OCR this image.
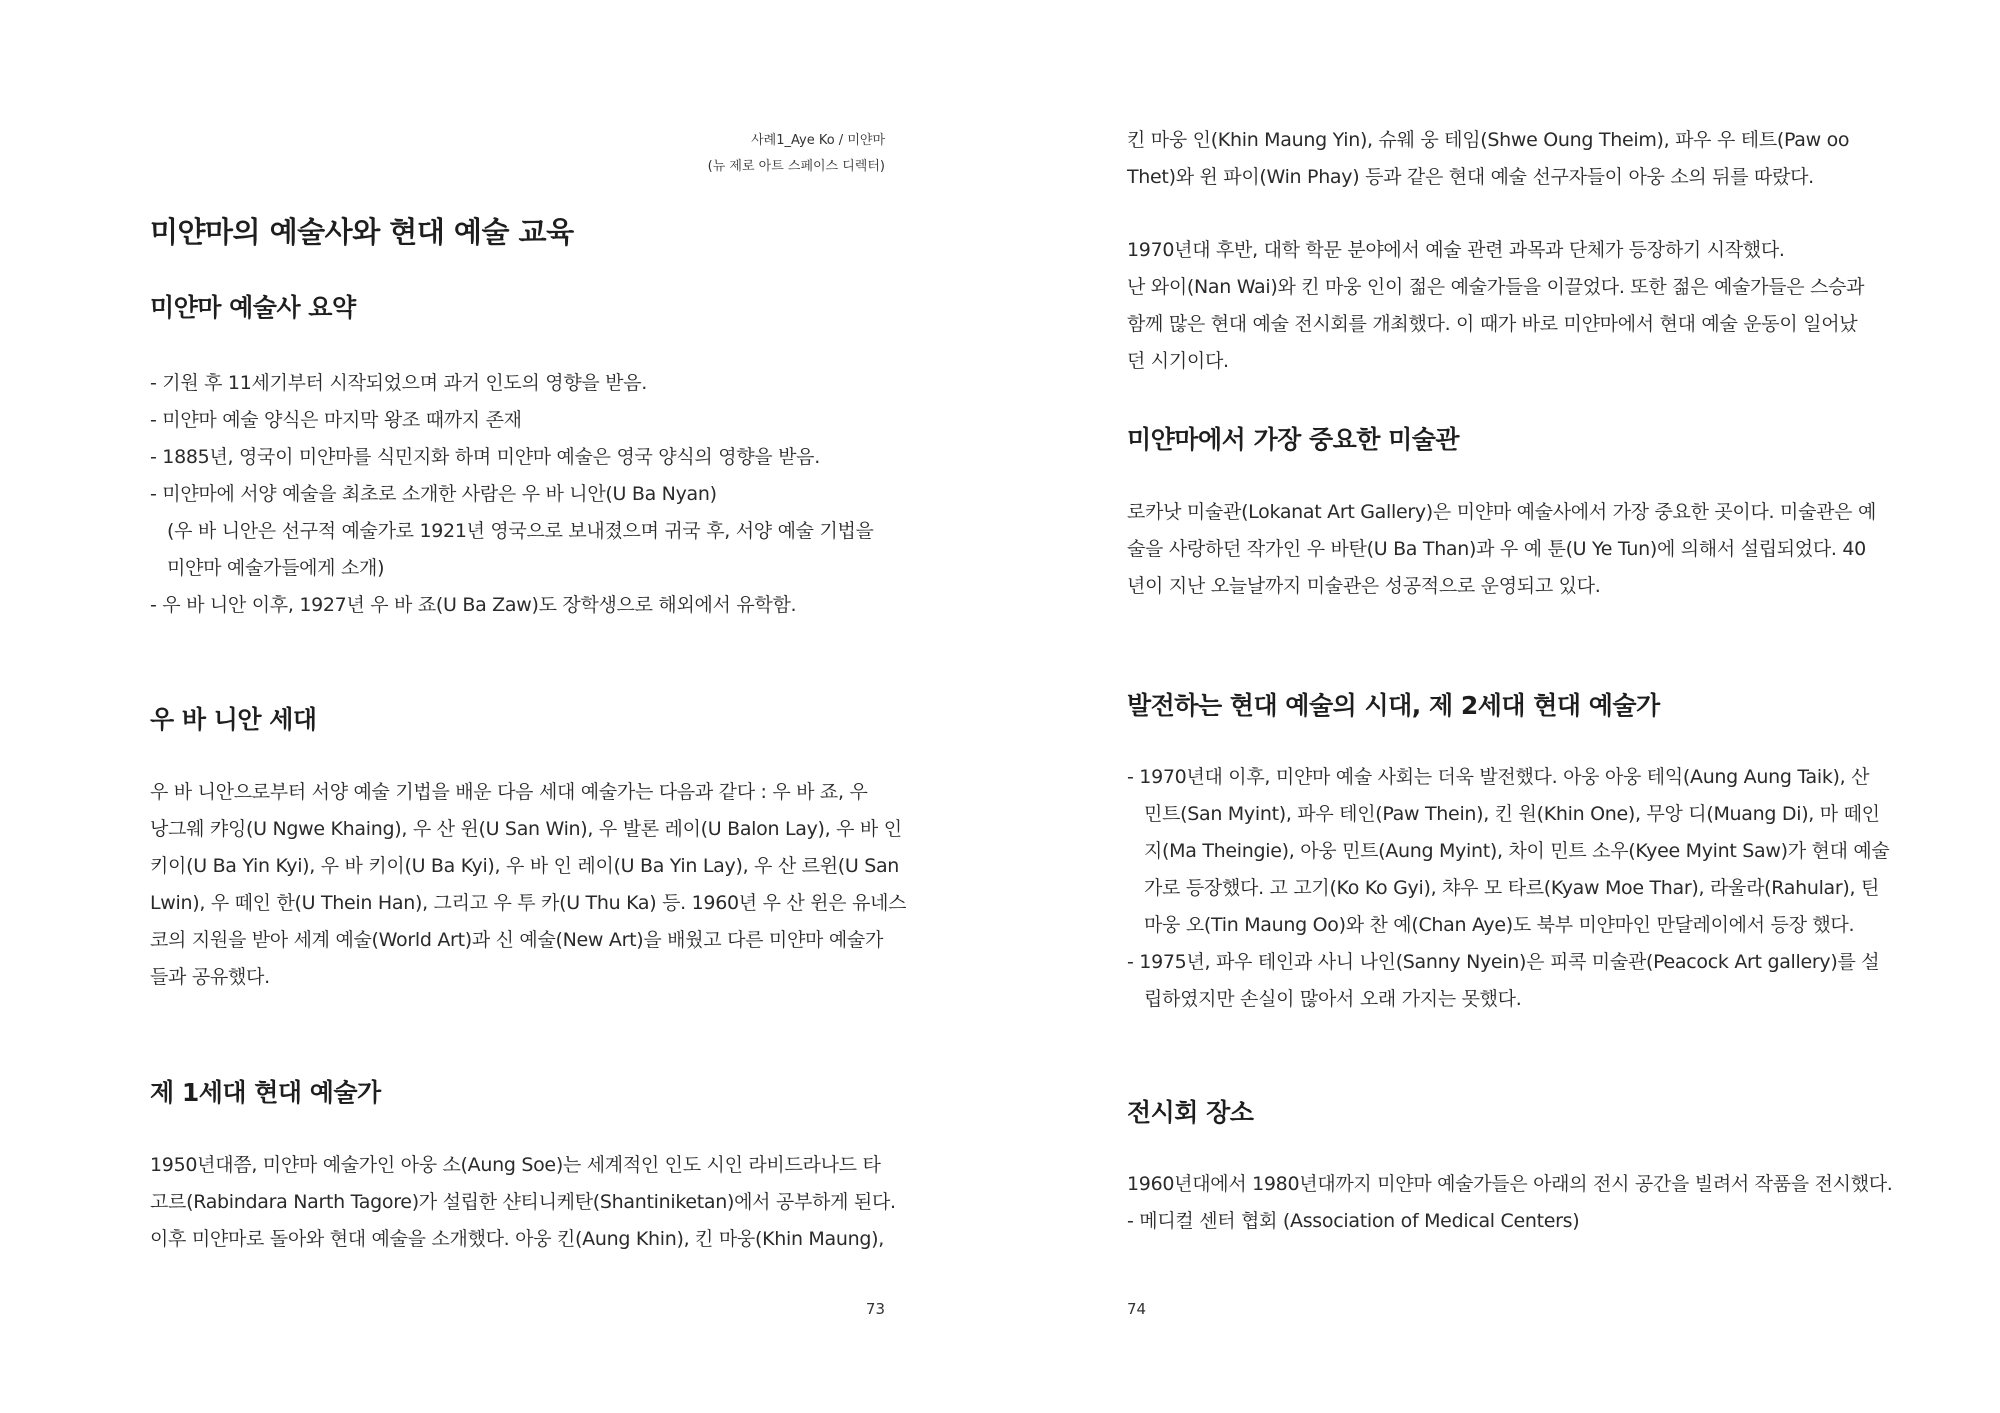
사례1_Aye Ko / 미얀마
(뉴 제로 아트 스페이스 디렉터)
미얀마의 예술사와 현대 예술 교육
미얀마 예술사 요약
- 기원 후 11세기부터 시작되었으며 과거 인도의 영향을 받음.
- 미얀마 예술 양식은 마지막 왕조 때까지 존재
- 1885년, 영국이 미얀마를 식민지화 하며 미얀마 예술은 영국 양식의 영향을 받음.
- 미얀마에 서양 예술을 최초로 소개한 사람은 우 바 니안(U Ba Nyan)
(우 바 니안은 선구적 예술가로 1921년 영국으로 보내졌으며 귀국 후, 서양 예술 기법을
미얀마 예술가들에게 소개)
- 우 바 니안 이후, 1927년 우 바 죠(U Ba Zaw)도 장학생으로 해외에서 유학함.
우 바 니안 세대
우 바 니안으로부터 서양 예술 기법을 배운 다음 세대 예술가는 다음과 같다 : 우 바 죠, 우
낭그웨 캬잉(U Ngwe Khaing), 우 산 윈(U San Win), 우 발론 레이(U Balon Lay), 우 바 인
키이(U Ba Yin Kyi), 우 바 키이(U Ba Kyi), 우 바 인 레이(U Ba Yin Lay), 우 산 르윈(U San
Lwin), 우 떼인 한(U Thein Han), 그리고 우 투 카(U Thu Ka) 등. 1960년 우 산 윈은 유네스
코의 지원을 받아 세계 예술(World Art)과 신 예술(New Art)을 배웠고 다른 미얀마 예술가
들과 공유했다.
제 1세대 현대 예술가
1950년대쯤, 미얀마 예술가인 아웅 소(Aung Soe)는 세계적인 인도 시인 라비드라나드 타
고르(Rabindara Narth Tagore)가 설립한 샨티니케탄(Shantiniketan)에서 공부하게 된다.
이후 미얀마로 돌아와 현대 예술을 소개했다. 아웅 킨(Aung Khin), 킨 마웅(Khin Maung),
73
킨 마웅 인(Khin Maung Yin), 슈웨 웅 테임(Shwe Oung Theim), 파우 우 테트(Paw oo
Thet)와 윈 파이(Win Phay) 등과 같은 현대 예술 선구자들이 아웅 소의 뒤를 따랐다.
1970년대 후반, 대학 학문 분야에서 예술 관련 과목과 단체가 등장하기 시작했다.
난 와이(Nan Wai)와 킨 마웅 인이 젊은 예술가들을 이끌었다. 또한 젊은 예술가들은 스승과
함께 많은 현대 예술 전시회를 개최했다. 이 때가 바로 미얀마에서 현대 예술 운동이 일어났
던 시기이다.
미얀마에서 가장 중요한 미술관
로카낫 미술관(Lokanat Art Gallery)은 미얀마 예술사에서 가장 중요한 곳이다. 미술관은 예
술을 사랑하던 작가인 우 바탄(U Ba Than)과 우 예 툰(U Ye Tun)에 의해서 설립되었다. 40
년이 지난 오늘날까지 미술관은 성공적으로 운영되고 있다.
발전하는 현대 예술의 시대, 제 2세대 현대 예술가
- 1970년대 이후, 미얀마 예술 사회는 더욱 발전했다. 아웅 아웅 테익(Aung Aung Taik), 산
민트(San Myint), 파우 테인(Paw Thein), 킨 원(Khin One), 무앙 디(Muang Di), 마 떼인
지(Ma Theingie), 아웅 민트(Aung Myint), 차이 민트 소우(Kyee Myint Saw)가 현대 예술
가로 등장했다. 고 고기(Ko Ko Gyi), 챠우 모 타르(Kyaw Moe Thar), 라울라(Rahular), 틴
마웅 오(Tin Maung Oo)와 찬 예(Chan Aye)도 북부 미얀마인 만달레이에서 등장 했다.
- 1975년, 파우 테인과 사니 나인(Sanny Nyein)은 피콕 미술관(Peacock Art gallery)를 설
립하였지만 손실이 많아서 오래 가지는 못했다.
전시회 장소
1960년대에서 1980년대까지 미얀마 예술가들은 아래의 전시 공간을 빌려서 작품을 전시했다.
- 메디컬 센터 협회 (Association of Medical Centers)
74
